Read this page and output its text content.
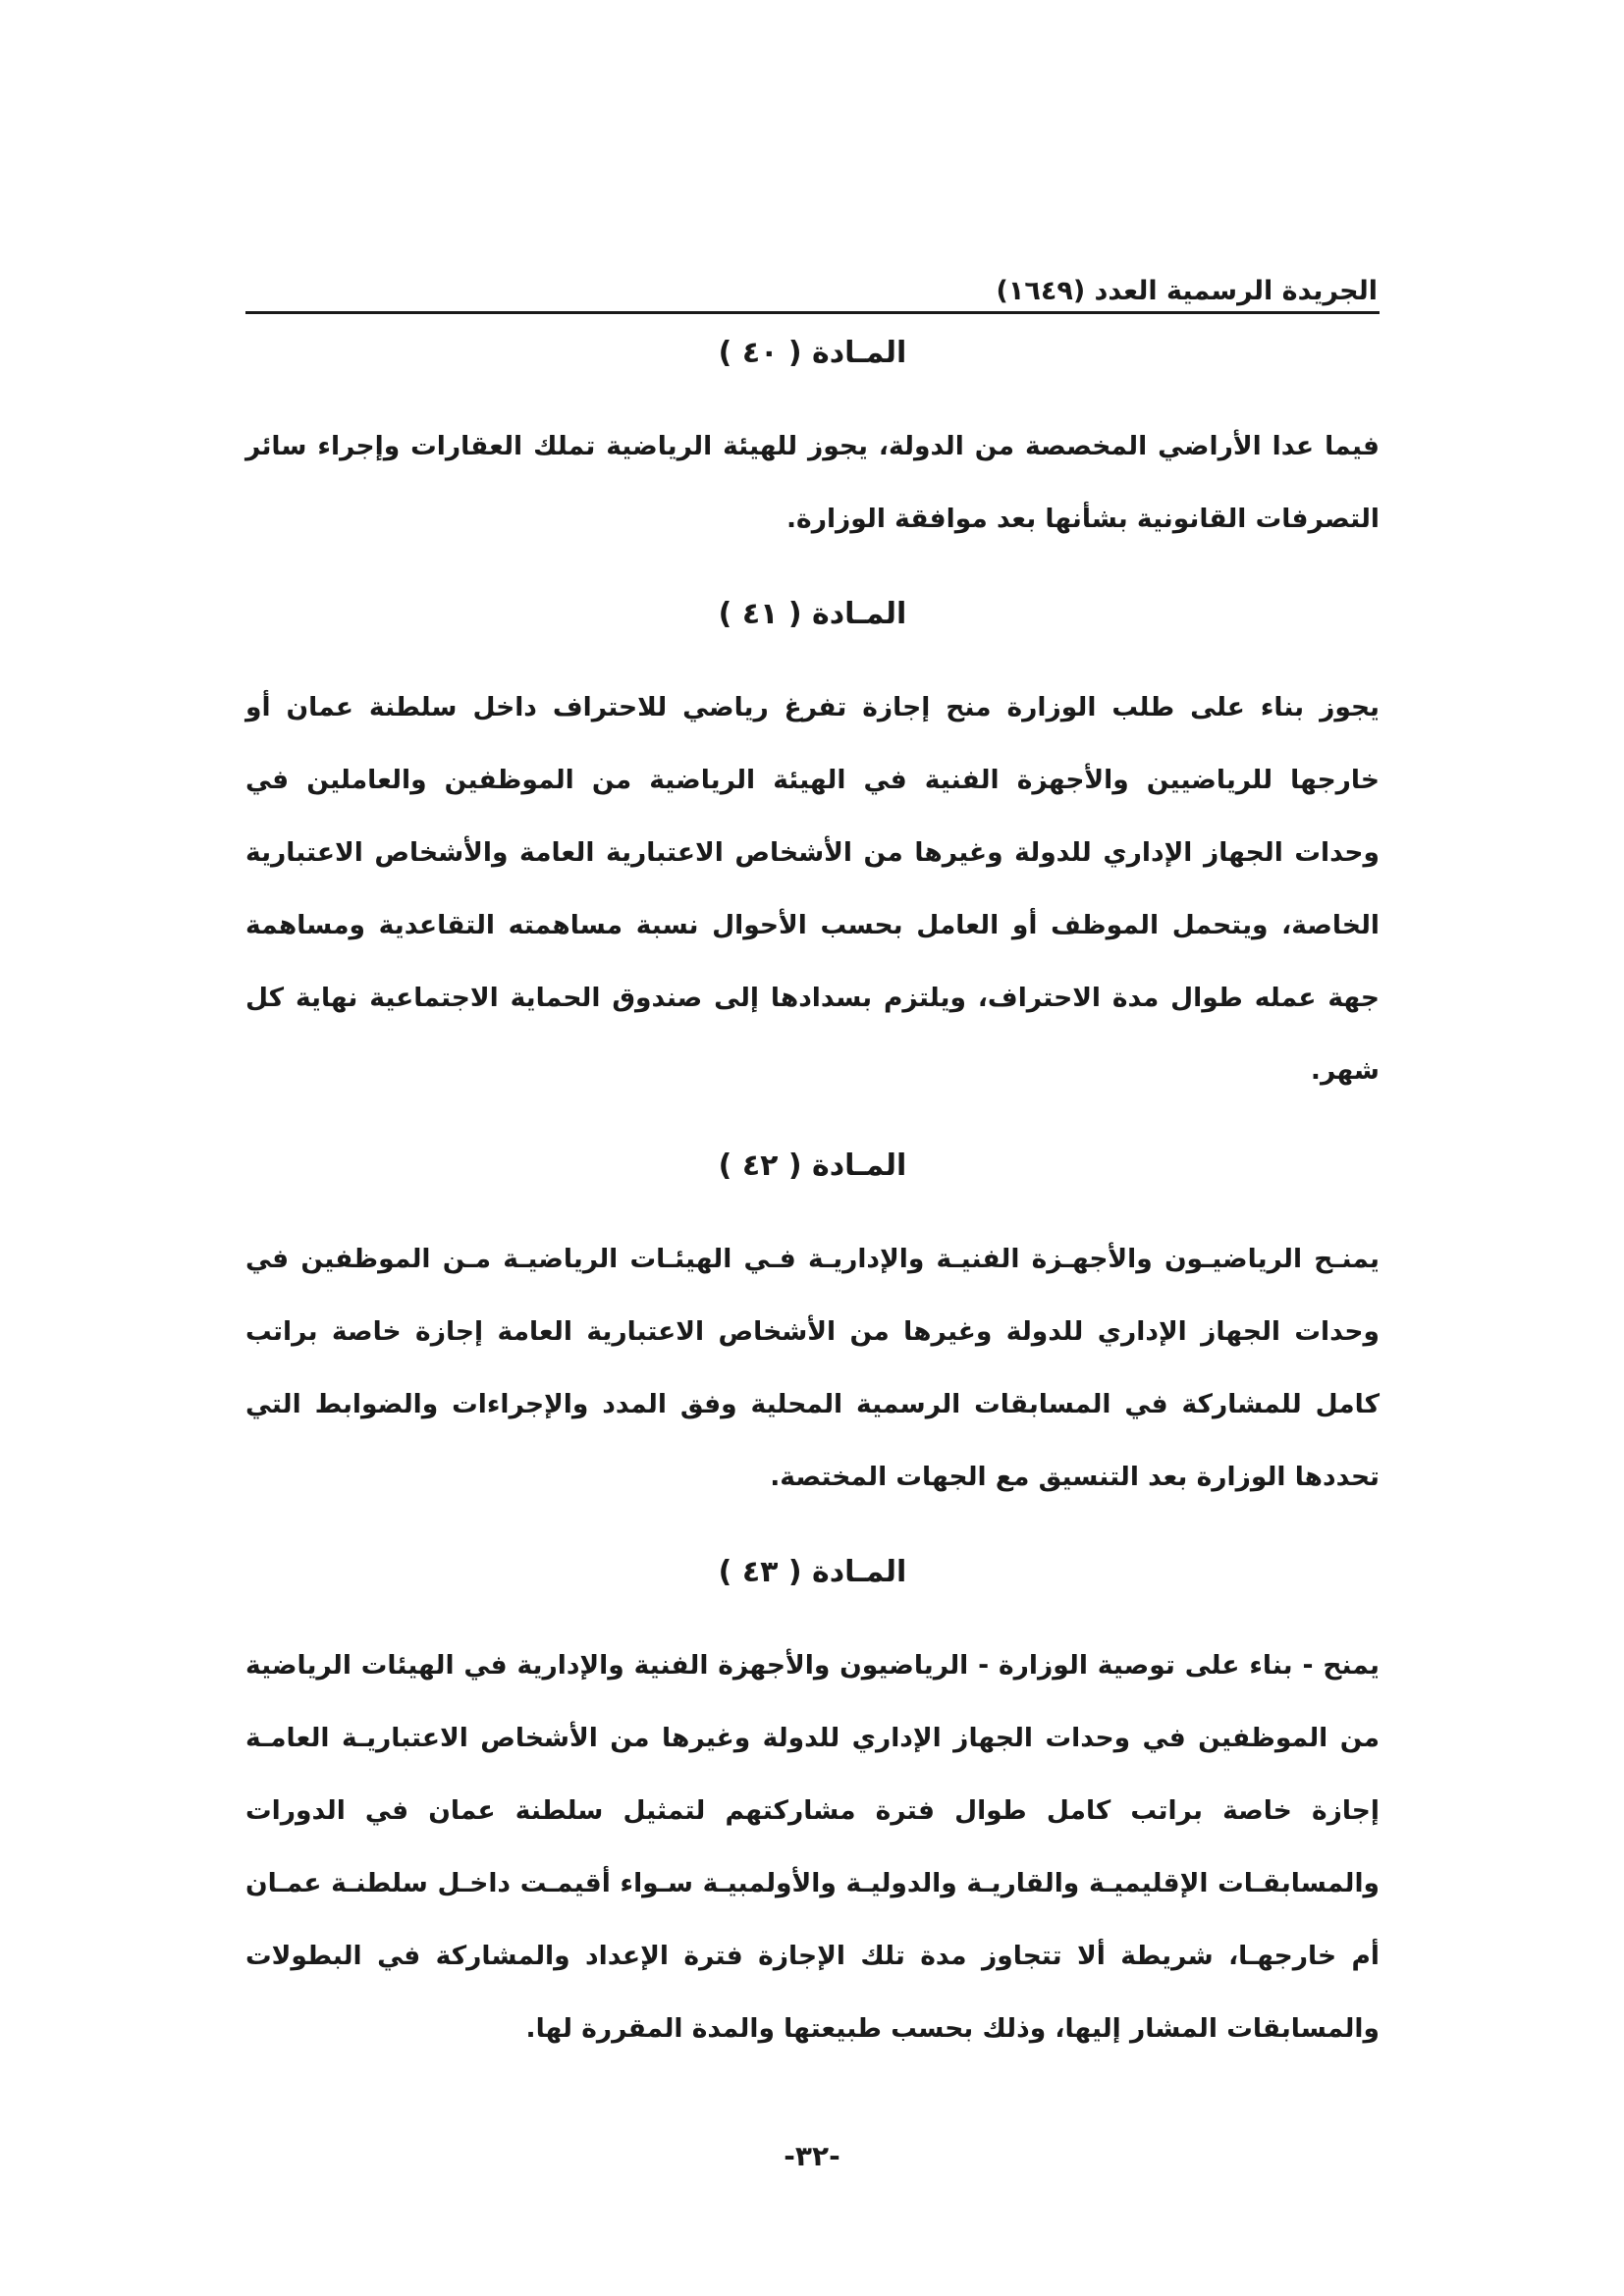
الجريدة الرسمية العدد (١٦٤٩)
المـادة ( ٤٠ )

فيما عدا الأراضي المخصصة من الدولة، يجوز للهيئة الرياضية تملك العقارات وإجراء سائر التصرفات القانونية بشأنها بعد موافقة الوزارة.

المـادة ( ٤١ )

يجوز بناء على طلب الوزارة منح إجازة تفرغ رياضي للاحتراف داخل سلطنة عمان أو خارجها للرياضيين والأجهزة الفنية في الهيئة الرياضية من الموظفين والعاملين في وحدات الجهاز الإداري للدولة وغيرها من الأشخاص الاعتبارية العامة والأشخاص الاعتبارية الخاصة، ويتحمل الموظف أو العامل بحسب الأحوال نسبة مساهمته التقاعدية ومساهمة جهة عمله طوال مدة الاحتراف، ويلتزم بسدادها إلى صندوق الحماية الاجتماعية نهاية كل شهر.

المـادة ( ٤٢ )

يمنـح الرياضيـون والأجهـزة الفنيـة والإداريـة فـي الهيئـات الرياضيـة مـن الموظفين في وحدات الجهاز الإداري للدولة وغيرها من الأشخاص الاعتبارية العامة إجازة خاصة براتب كامل للمشاركة في المسابقات الرسمية المحلية وفق المدد والإجراءات والضوابط التي تحددها الوزارة بعد التنسيق مع الجهات المختصة.

المـادة ( ٤٣ )

يمنح - بناء على توصية الوزارة - الرياضيون والأجهزة الفنية والإدارية في الهيئات الرياضية من الموظفين في وحدات الجهاز الإداري للدولة وغيرها من الأشخاص الاعتباريـة العامـة إجازة خاصة براتب كامل طوال فترة مشاركتهم لتمثيل سلطنة عمان في الدورات والمسابقـات الإقليميـة والقاريـة والدوليـة والأولمبيـة سـواء أقيمـت داخـل سلطنـة عمـان أم خارجهـا، شريطة ألا تتجاوز مدة تلك الإجازة فترة الإعداد والمشاركة في البطولات والمسابقات المشار إليها، وذلك بحسب طبيعتها والمدة المقررة لها.

-٣٢-
